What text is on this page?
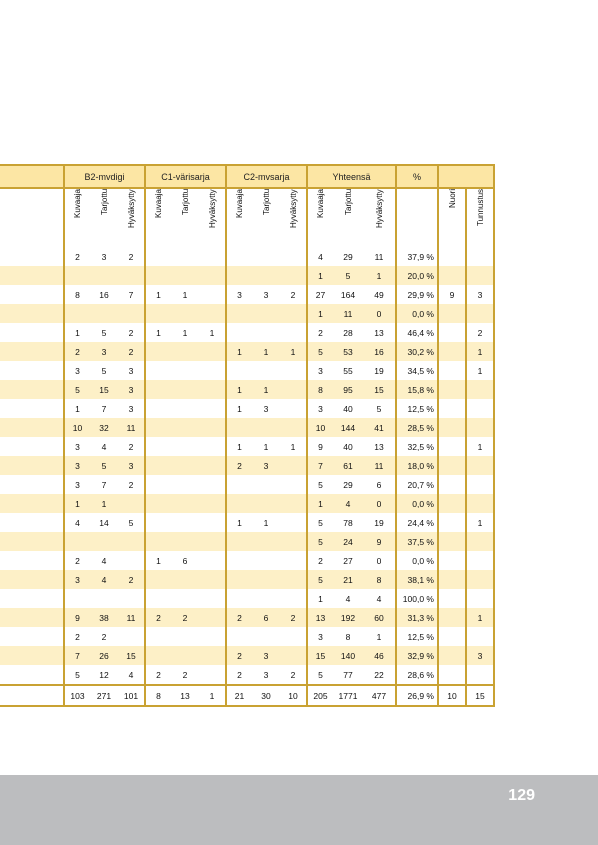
	B2-mvdigi			C1-värisarja			C2-mvsarja			Yhteensä			%		
	Kuvaaja	Tarjottu	Hyväksytty	Kuvaaja	Tarjottu	Hyväksytty	Kuvaaja	Tarjottu	Hyväksytty	Kuvaaja	Tarjottu	Hyväksytty		Nuori	Tunnustus
	2	3	2							4	29	11	37,9 %		
										1	5	1	20,0 %		
	8	16	7	1	1		3	3	2	27	164	49	29,9 %	9	3
										1	11	0	0,0 %		
	1	5	2	1	1	1				2	28	13	46,4 %		2
	2	3	2				1	1	1	5	53	16	30,2 %		1
	3	5	3							3	55	19	34,5 %		1
	5	15	3				1	1		8	95	15	15,8 %		
	1	7	3				1	3		3	40	5	12,5 %		
	10	32	11							10	144	41	28,5 %		
	3	4	2				1	1	1	9	40	13	32,5 %		1
	3	5	3				2	3		7	61	11	18,0 %		
	3	7	2							5	29	6	20,7 %		
	1	1								1	4	0	0,0 %		
	4	14	5				1	1		5	78	19	24,4 %		1
										5	24	9	37,5 %		
	2	4		1	6					2	27	0	0,0 %		
	3	4	2							5	21	8	38,1 %		
										1	4	4	100,0 %		
	9	38	11	2	2		2	6	2	13	192	60	31,3 %		1
	2	2								3	8	1	12,5 %		
	7	26	15				2	3		15	140	46	32,9 %		3
	5	12	4	2	2		2	3	2	5	77	22	28,6 %		
	103	271	101	8	13	1	21	30	10	205	1771	477	26,9 %	10	15
129
